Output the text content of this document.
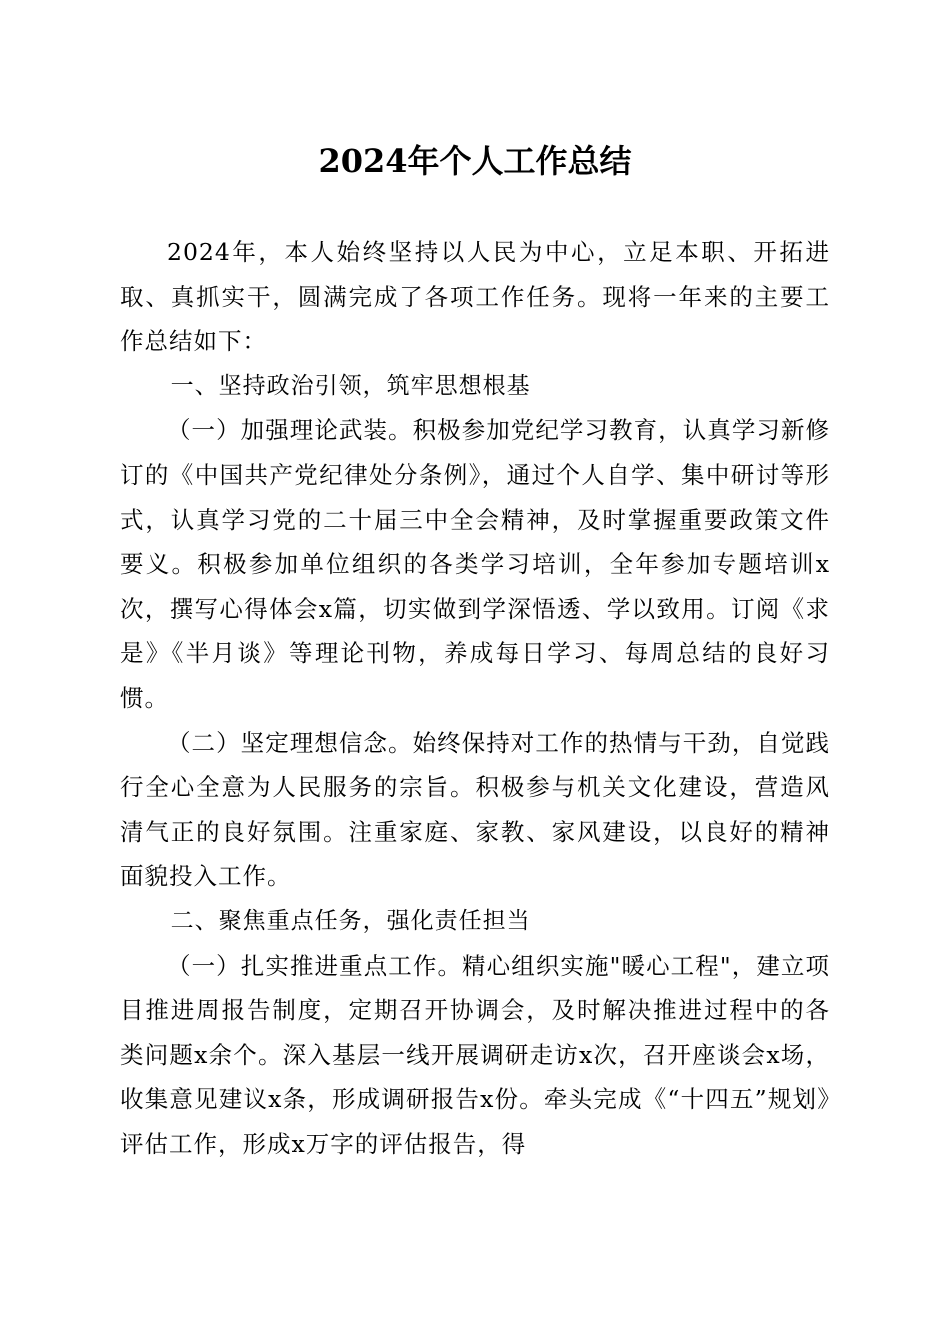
2024年个人工作总结

2024年，本人始终坚持以人民为中心，立足本职、开拓进取、真抓实干，圆满完成了各项工作任务。现将一年来的主要工作总结如下：

一、坚持政治引领，筑牢思想根基

（一）加强理论武装。积极参加党纪学习教育，认真学习新修订的《中国共产党纪律处分条例》，通过个人自学、集中研讨等形式，认真学习党的二十届三中全会精神，及时掌握重要政策文件要义。积极参加单位组织的各类学习培训，全年参加专题培训x次，撰写心得体会x篇，切实做到学深悟透、学以致用。订阅《求是》《半月谈》等理论刊物，养成每日学习、每周总结的良好习惯。

（二）坚定理想信念。始终保持对工作的热情与干劲，自觉践行全心全意为人民服务的宗旨。积极参与机关文化建设，营造风清气正的良好氛围。注重家庭、家教、家风建设，以良好的精神面貌投入工作。

二、聚焦重点任务，强化责任担当

（一）扎实推进重点工作。精心组织实施"暖心工程"，建立项目推进周报告制度，定期召开协调会，及时解决推进过程中的各类问题x余个。深入基层一线开展调研走访x次，召开座谈会x场，收集意见建议x条，形成调研报告x份。牵头完成《“十四五”规划》评估工作，形成x万字的评估报告，得
